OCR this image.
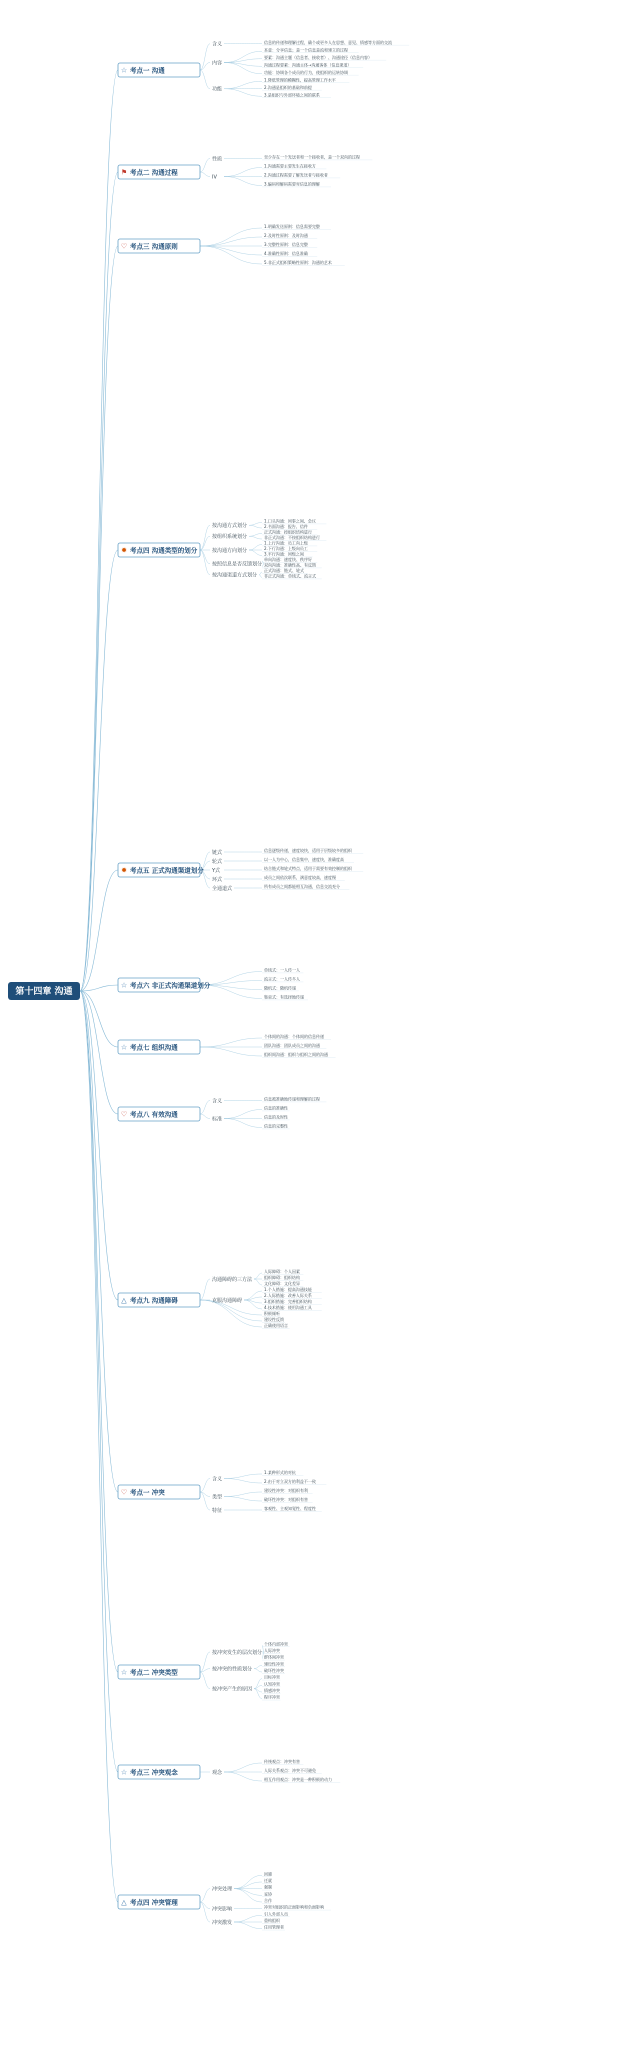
☆ 考点一 沟通
含义	信息的传递和理解过程，确个或更多人在思想、意见、情感等方面的交流
内容
本意：分享信息；是一个信息是流和建立的过程
要素：沟通主题（信息者、接收者）、沟通途径（信息内容）
沟通过程要素：沟通主体→沟通客体（信息渠道）
功能：协调各个成员的行为，使组织的运转协调
功能
1.降低管理的模糊性，提高管理工作水平
2.沟通是组织的基础和前提
3.是组织与外部环境之间的联系
⚑ 考点二 沟通过程
性质	至少存在一个发送者和一个接收者，是一个双向的过程
IV
1.沟通需要主要发生在接收方
2.沟通过程需要了解发送者与接收者
3.编码和解码需要对信息的理解
♡ 考点三 沟通原则
1.明确发送原则：信息需要完整
2.及时性原则：及时沟通
3.完整性原则：信息完整
4.准确性原则：信息准确
5.非正式组织策略性原则：沟通的艺术
✹ 考点四 沟通类型的划分
按沟通方式划分
1.口头沟通：同事之间、会议
2.书面沟通：报告、信件
按组织系统划分
正式沟通：按组织结构进行
非正式沟通：不按组织结构进行
按沟通方向划分
1.上行沟通：员工向上级
2.下行沟通：上级向员工
3.平行沟通：同级之间
按照信息是否反馈划分
单向沟通：速度快、秩序好
双向沟通：准确性高、有反馈
按沟通渠道方式划分
正式沟通：链式、轮式
非正式沟通：单线式、流言式
✹ 考点五 正式沟通渠道划分
链式	信息逐级传递，速度较快，适用于层级较多的组织
轮式	以一人为中心，信息集中，速度快，准确度高
Y式	结合链式和轮式特点，适用于需要有效控制的组织
环式	成员之间依次联系，满意度较高，速度慢
全通道式	所有成员之间都能相互沟通，信息交流充分
☆ 考点六 非正式沟通渠道划分
单线式：一人传一人
流言式：一人传多人
随机式：随机传递
集束式：有选择地传递
☆ 考点七 组织沟通
个体间的沟通：个体间的信息传递
团队沟通：团队成员之间的沟通
组织间沟通：组织与组织之间的沟通
♡ 考点八 有效沟通
含义	信息被准确地传递和理解的过程
标准
信息的准确性
信息的及时性
信息的完整性
△ 考点九 沟通障碍
沟通障碍的三方法
人际障碍：个人因素
组织障碍：组织结构
文化障碍：文化差异
克服沟通障碍
1.个人措施：提高沟通技能
2.人际措施：改善人际关系
3.组织措施：完善组织结构
4.技术措施：使用沟通工具
积极倾听
建设性反馈
正确使用语言
♡ 考点一 冲突
含义
1.某种形式的对抗
2.由于对立双方的利益不一致
类型
建设性冲突：对组织有利
破坏性冲突：对组织有害
特征	客观性、主观知觉性、程度性
☆ 考点二 冲突类型
按冲突发生的层次划分
个体内部冲突
人际冲突
群体间冲突
按冲突的性质划分
建设性冲突
破坏性冲突
按冲突产生的原因
目标冲突
认知冲突
情感冲突
程序冲突
☆ 考点三 冲突观念	观念
传统观点：冲突有害
人际关系观点：冲突不可避免
相互作用观点：冲突是一种积极的动力
△ 考点四 冲突管理
冲突处理
回避
迁就
强制
妥协
合作
冲突影响	冲突对组织的正面影响和负面影响
冲突激发
引入外部人员
重构组织
任用管理者
第十四章 沟通
